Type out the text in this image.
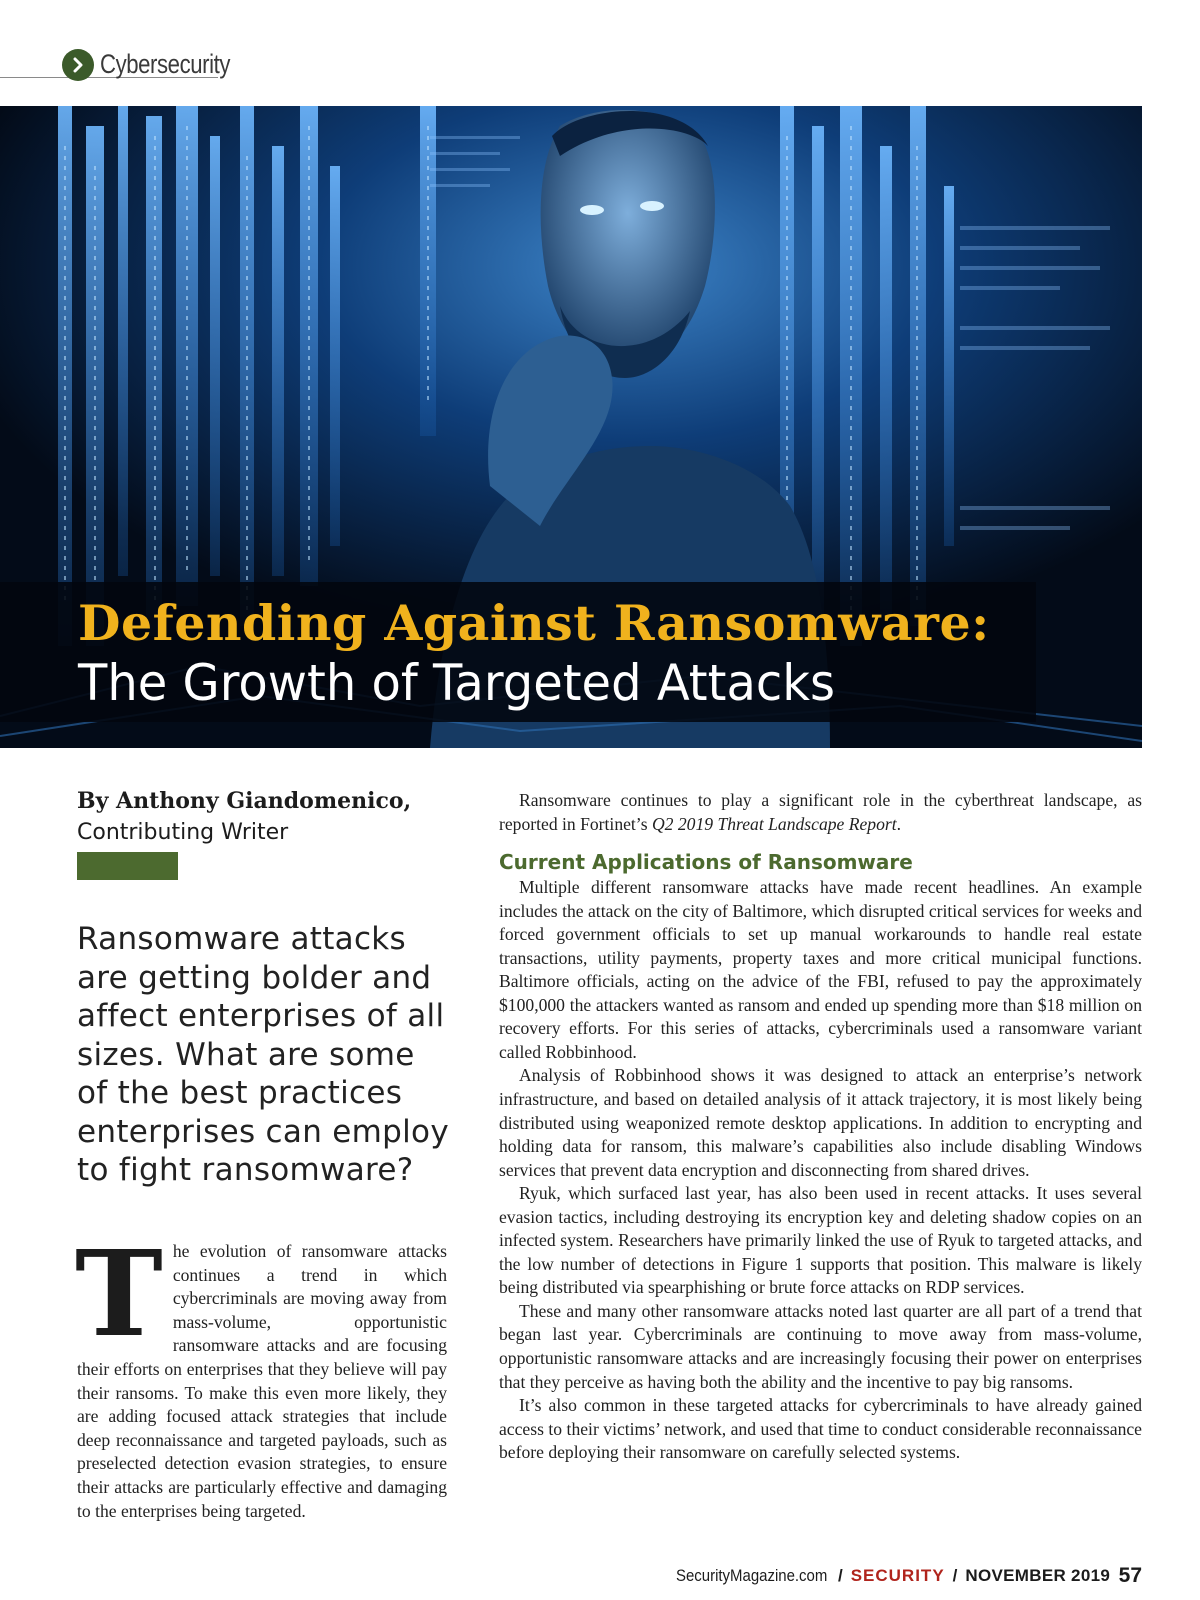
Cybersecurity
Defending Against Ransomware:
The Growth of Targeted Attacks
By Anthony Giandomenico,
Contributing Writer
Ransomware attacks
are getting bolder and
affect enterprises of all
sizes. What are some
of the best practices
enterprises can employ
to fight ransomware?
The evolution of ransomware attacks continues a trend in which cybercriminals are moving away from mass-volume, opportunistic ransomware attacks and are focusing their efforts on enterprises that they believe will pay their ransoms. To make this even more likely, they are adding focused attack strategies that include deep reconnaissance and targeted payloads, such as preselected detection evasion strategies, to ensure their attacks are particularly effective and damaging to the enterprises being targeted.

Ransomware continues to play a significant role in the cyberthreat landscape, as reported in Fortinet’s Q2 2019 Threat Landscape Report.

Current Applications of Ransomware

Multiple different ransomware attacks have made recent headlines. An example includes the attack on the city of Baltimore, which disrupted critical services for weeks and forced government officials to set up manual workarounds to handle real estate transactions, utility payments, property taxes and more critical municipal functions. Baltimore officials, acting on the advice of the FBI, refused to pay the approximately $100,000 the attackers wanted as ransom and ended up spending more than $18 million on recovery efforts. For this series of attacks, cybercriminals used a ransomware variant called Robbinhood.

Analysis of Robbinhood shows it was designed to attack an enterprise’s network infrastructure, and based on detailed analysis of it attack trajectory, it is most likely being distributed using weaponized remote desktop applications. In addition to encrypting and holding data for ransom, this malware’s capabilities also include disabling Windows services that prevent data encryption and disconnecting from shared drives.

Ryuk, which surfaced last year, has also been used in recent attacks. It uses several evasion tactics, including destroying its encryption key and deleting shadow copies on an infected system. Researchers have primarily linked the use of Ryuk to targeted attacks, and the low number of detections in Figure 1 supports that position. This malware is likely being distributed via spearphishing or brute force attacks on RDP services.

These and many other ransomware attacks noted last quarter are all part of a trend that began last year. Cybercriminals are continuing to move away from mass-volume, opportunistic ransomware attacks and are increasingly focusing their power on enterprises that they perceive as having both the ability and the incentive to pay big ransoms.

It’s also common in these targeted attacks for cybercriminals to have already gained access to their victims’ network, and used that time to conduct considerable reconnaissance before deploying their ransomware on carefully selected systems.

SecurityMagazine.com / SECURITY / NOVEMBER 2019 57
